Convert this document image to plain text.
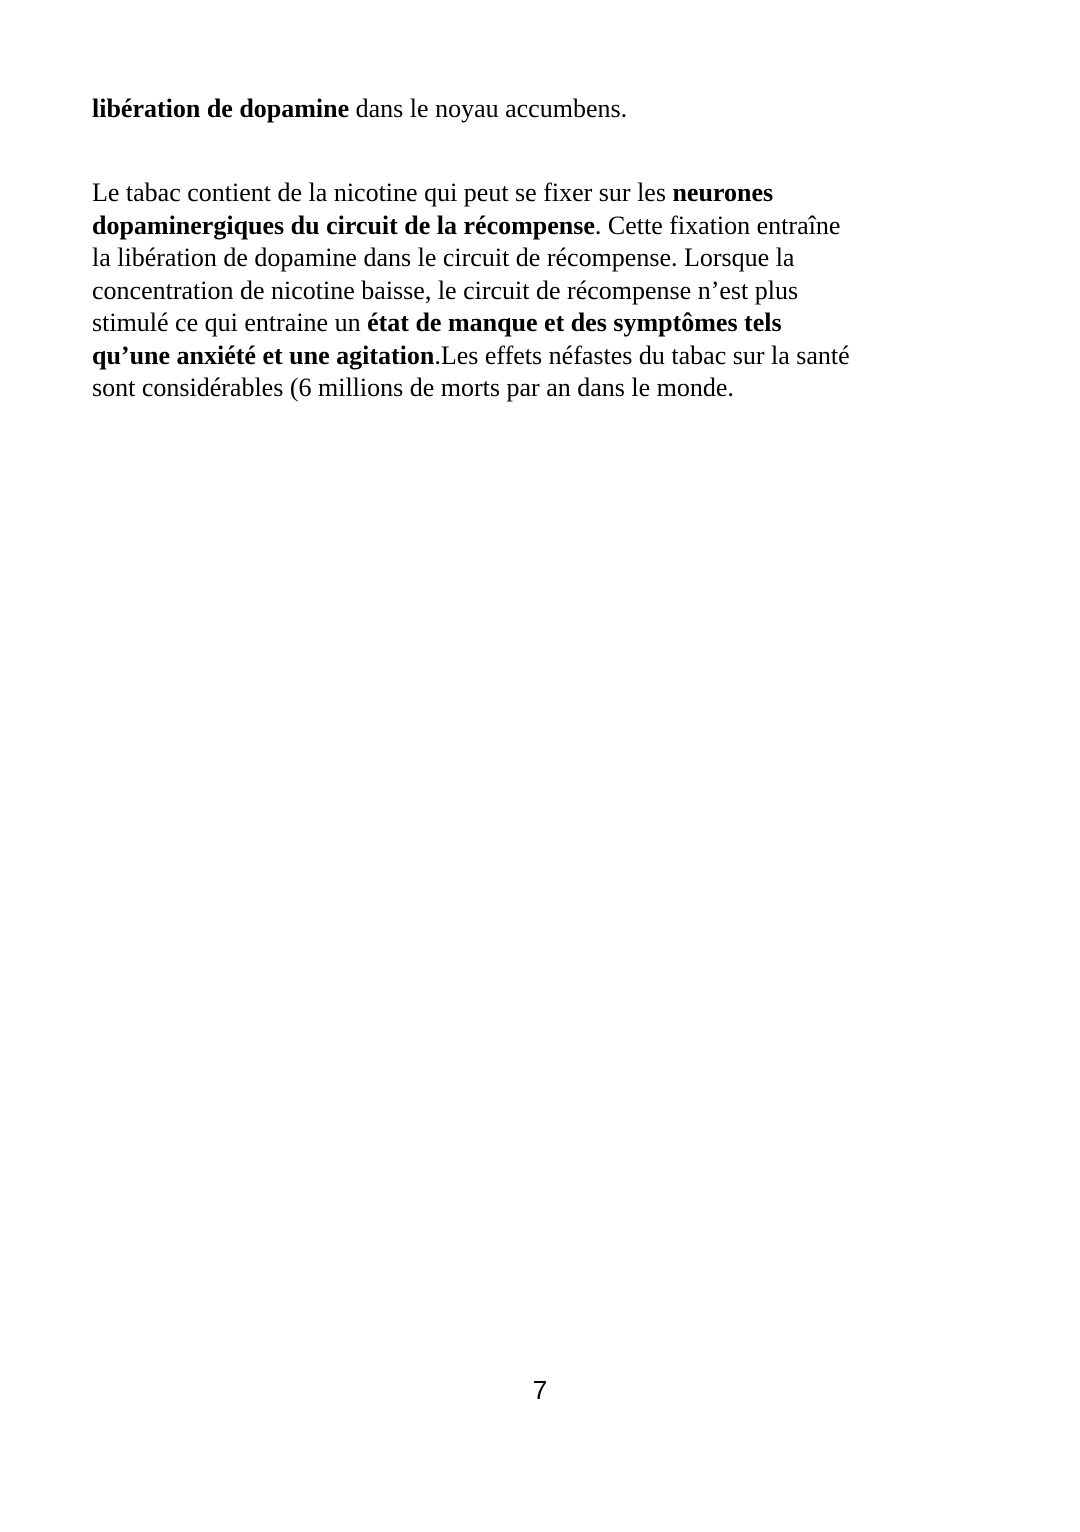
libération de dopamine dans le noyau accumbens.

Le tabac contient de la nicotine qui peut se fixer sur les neurones
dopaminergiques du circuit de la récompense. Cette fixation entraîne
la libération de dopamine dans le circuit de récompense. Lorsque la
concentration de nicotine baisse, le circuit de récompense n’est plus
stimulé ce qui entraine un état de manque et des symptômes tels
qu’une anxiété et une agitation.Les effets néfastes du tabac sur la santé
sont considérables (6 millions de morts par an dans le monde.

7
